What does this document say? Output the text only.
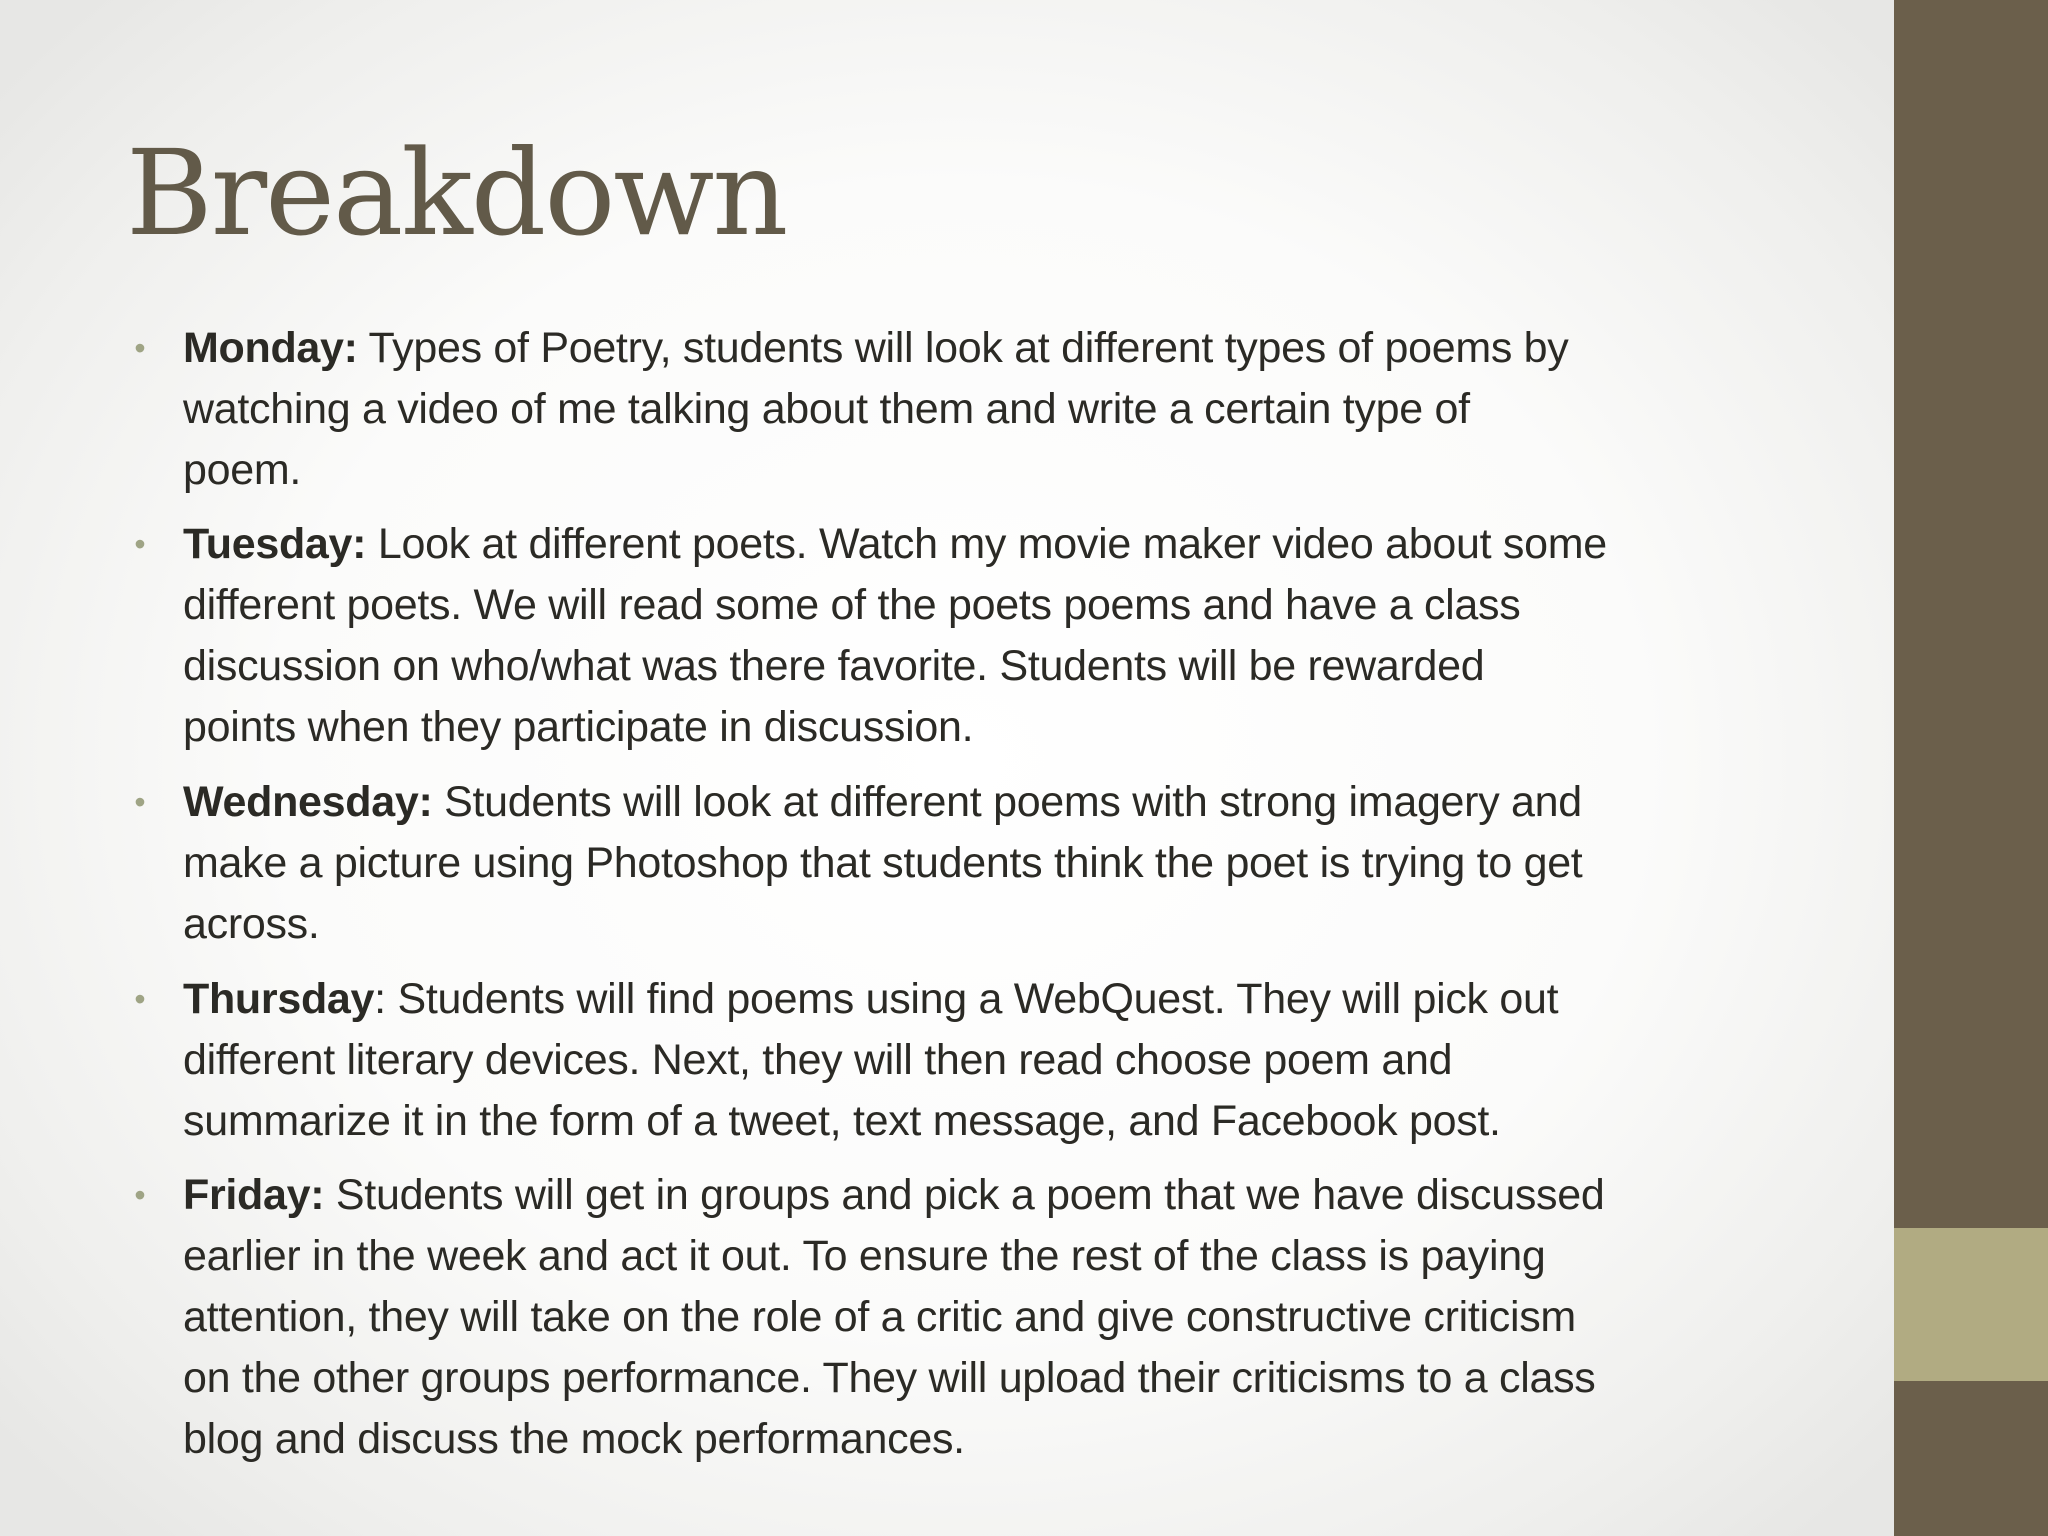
Breakdown
• Monday: Types of Poetry, students will look at different types of poems by
watching a video of me talking about them and write a certain type of
poem.
• Tuesday: Look at different poets. Watch my movie maker video about some
different poets. We will read some of the poets poems and have a class
discussion on who/what was there favorite. Students will be rewarded
points when they participate in discussion.
• Wednesday: Students will look at different poems with strong imagery and
make a picture using Photoshop that students think the poet is trying to get
across.
• Thursday: Students will find poems using a WebQuest. They will pick out
different literary devices. Next, they will then read choose poem and
summarize it in the form of a tweet, text message, and Facebook post.
• Friday: Students will get in groups and pick a poem that we have discussed
earlier in the week and act it out. To ensure the rest of the class is paying
attention, they will take on the role of a critic and give constructive criticism
on the other groups performance. They will upload their criticisms to a class
blog and discuss the mock performances.
